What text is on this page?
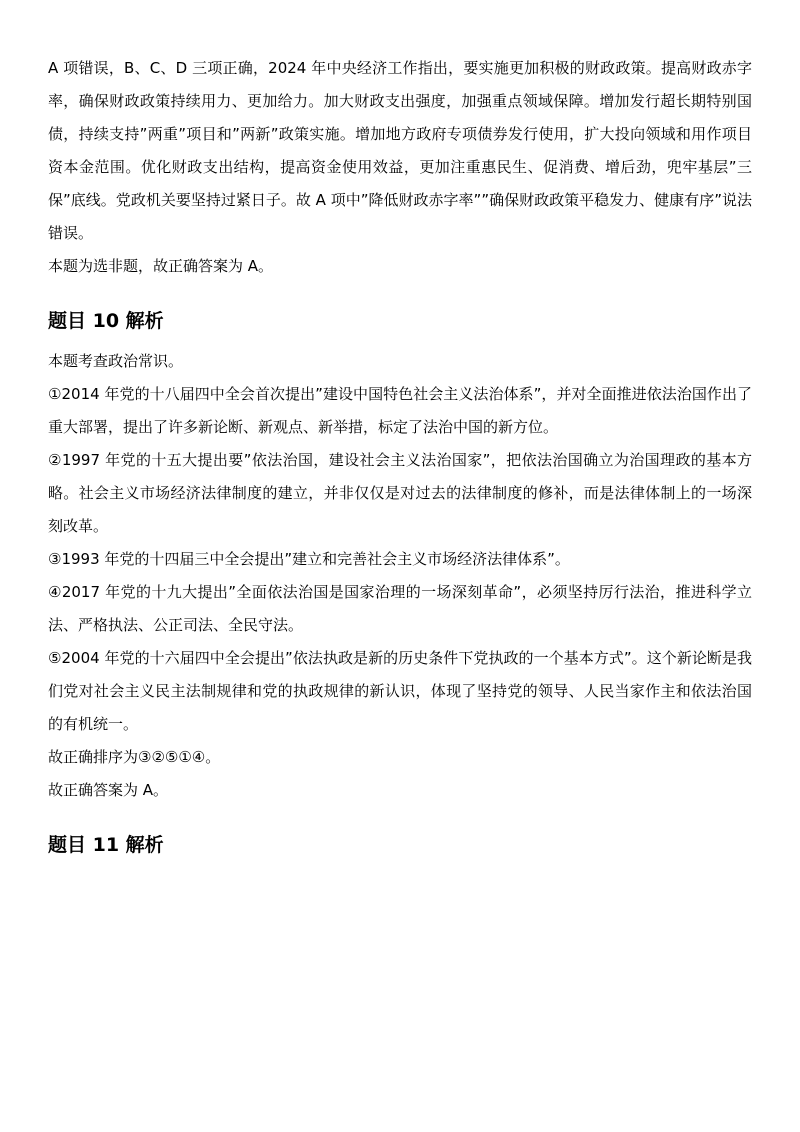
A 项错误，B、C、D 三项正确，2024 年中央经济工作指出，要实施更加积极的财政政策。提高财政赤字率，确保财政政策持续用力、更加给力。加大财政支出强度，加强重点领域保障。增加发行超长期特别国债，持续支持”两重”项目和”两新”政策实施。增加地方政府专项债券发行使用，扩大投向领域和用作项目资本金范围。优化财政支出结构，提高资金使用效益，更加注重惠民生、促消费、增后劲，兜牢基层”三保”底线。党政机关要坚持过紧日子。故 A 项中”降低财政赤字率””确保财政政策平稳发力、健康有序”说法错误。

本题为选非题，故正确答案为 A。

题目 10 解析

本题考查政治常识。

①2014 年党的十八届四中全会首次提出”建设中国特色社会主义法治体系”，并对全面推进依法治国作出了重大部署，提出了许多新论断、新观点、新举措，标定了法治中国的新方位。

②1997 年党的十五大提出要”依法治国，建设社会主义法治国家”，把依法治国确立为治国理政的基本方略。社会主义市场经济法律制度的建立，并非仅仅是对过去的法律制度的修补，而是法律体制上的一场深刻改革。

③1993 年党的十四届三中全会提出”建立和完善社会主义市场经济法律体系”。

④2017 年党的十九大提出”全面依法治国是国家治理的一场深刻革命”，必须坚持厉行法治，推进科学立法、严格执法、公正司法、全民守法。

⑤2004 年党的十六届四中全会提出”依法执政是新的历史条件下党执政的一个基本方式”。这个新论断是我们党对社会主义民主法制规律和党的执政规律的新认识，体现了坚持党的领导、人民当家作主和依法治国的有机统一。

故正确排序为③②⑤①④。

故正确答案为 A。

题目 11 解析
